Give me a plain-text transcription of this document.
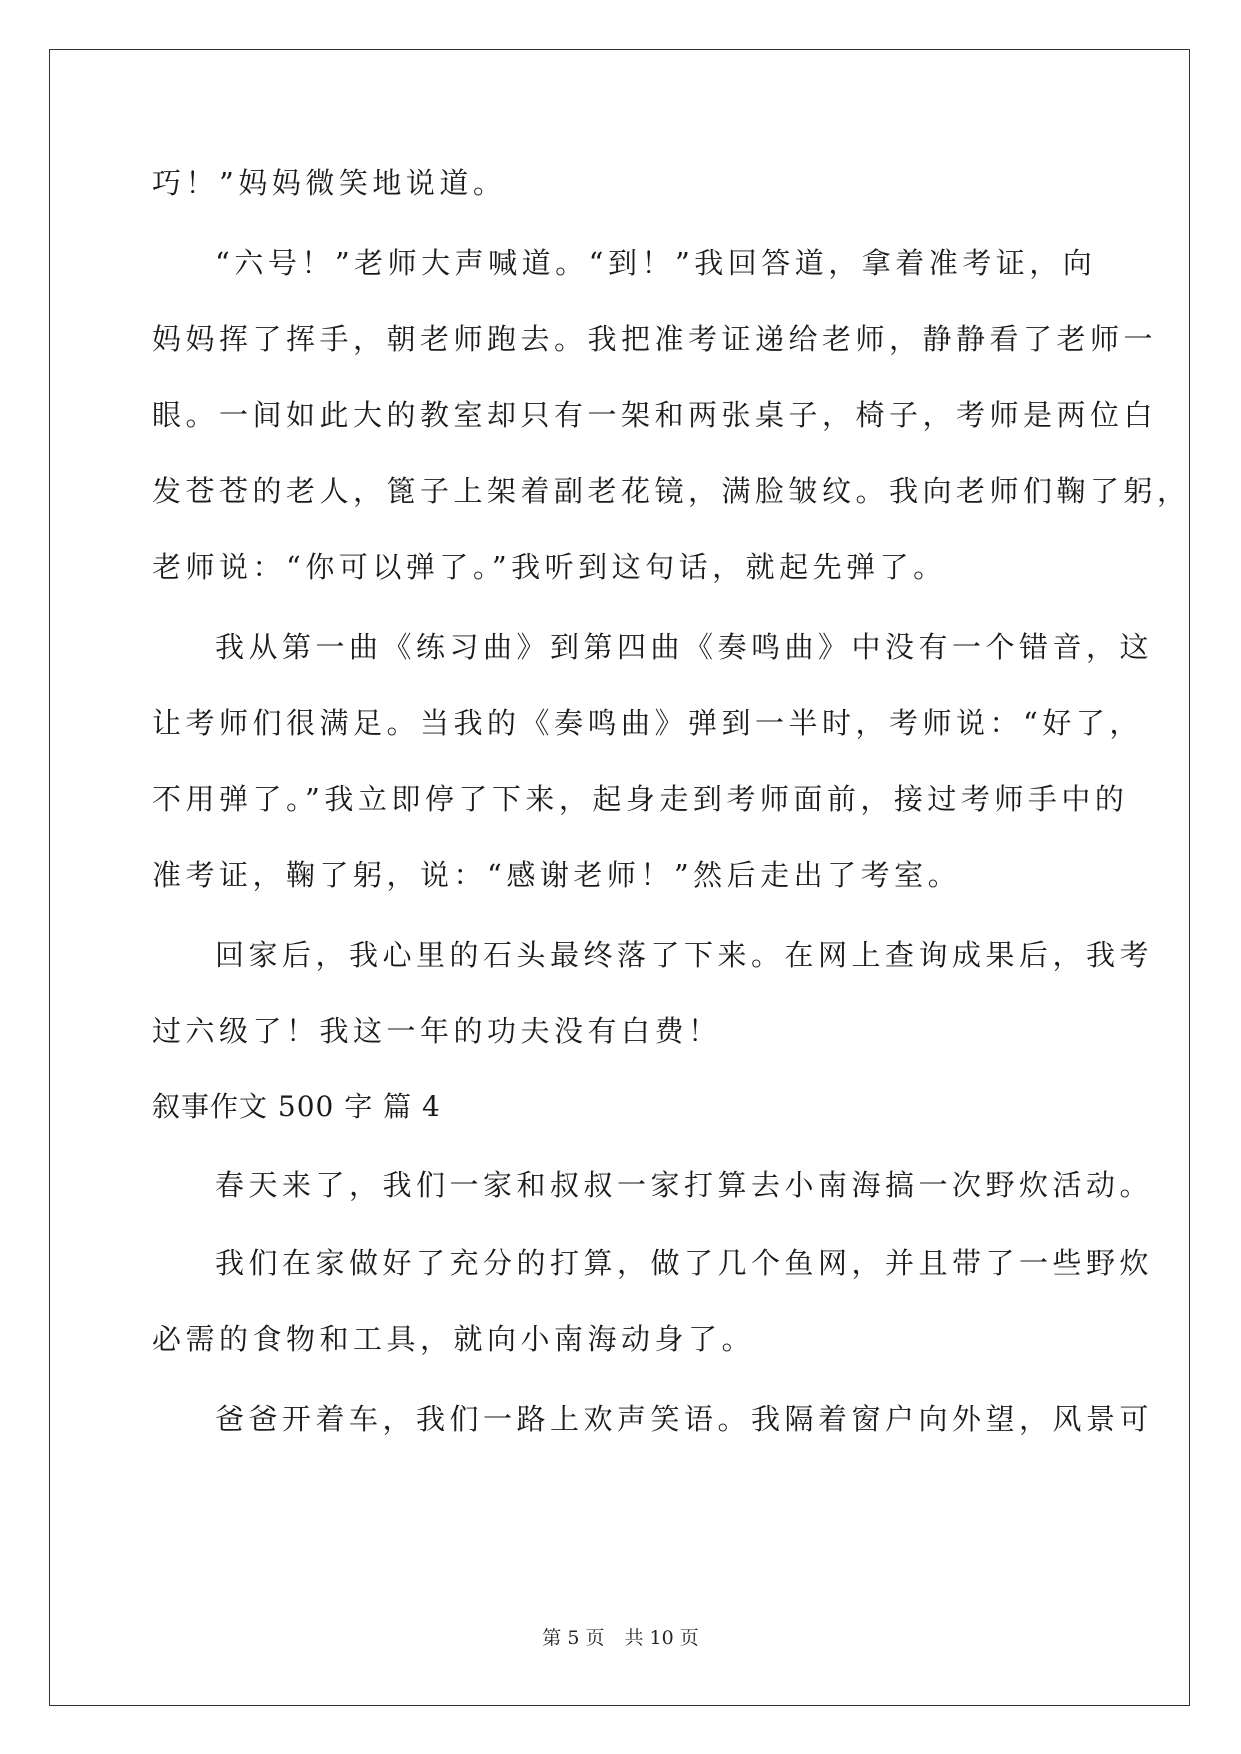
巧！”妈妈微笑地说道。
“六号！”老师大声喊道。“到！”我回答道，拿着准考证，向
妈妈挥了挥手，朝老师跑去。我把准考证递给老师，静静看了老师一
眼。一间如此大的教室却只有一架和两张桌子，椅子，考师是两位白
发苍苍的老人，篦子上架着副老花镜，满脸皱纹。我向老师们鞠了躬，
老师说：“你可以弹了。”我听到这句话，就起先弹了。
我从第一曲《练习曲》到第四曲《奏鸣曲》中没有一个错音，这
让考师们很满足。当我的《奏鸣曲》弹到一半时，考师说：“好了，
不用弹了。”我立即停了下来，起身走到考师面前，接过考师手中的
准考证，鞠了躬，说：“感谢老师！”然后走出了考室。
回家后，我心里的石头最终落了下来。在网上查询成果后，我考
过六级了！我这一年的功夫没有白费！
叙事作文 500 字 篇 4
春天来了，我们一家和叔叔一家打算去小南海搞一次野炊活动。
我们在家做好了充分的打算，做了几个鱼网，并且带了一些野炊
必需的食物和工具，就向小南海动身了。
爸爸开着车，我们一路上欢声笑语。我隔着窗户向外望，风景可
第 5 页 共 10 页
